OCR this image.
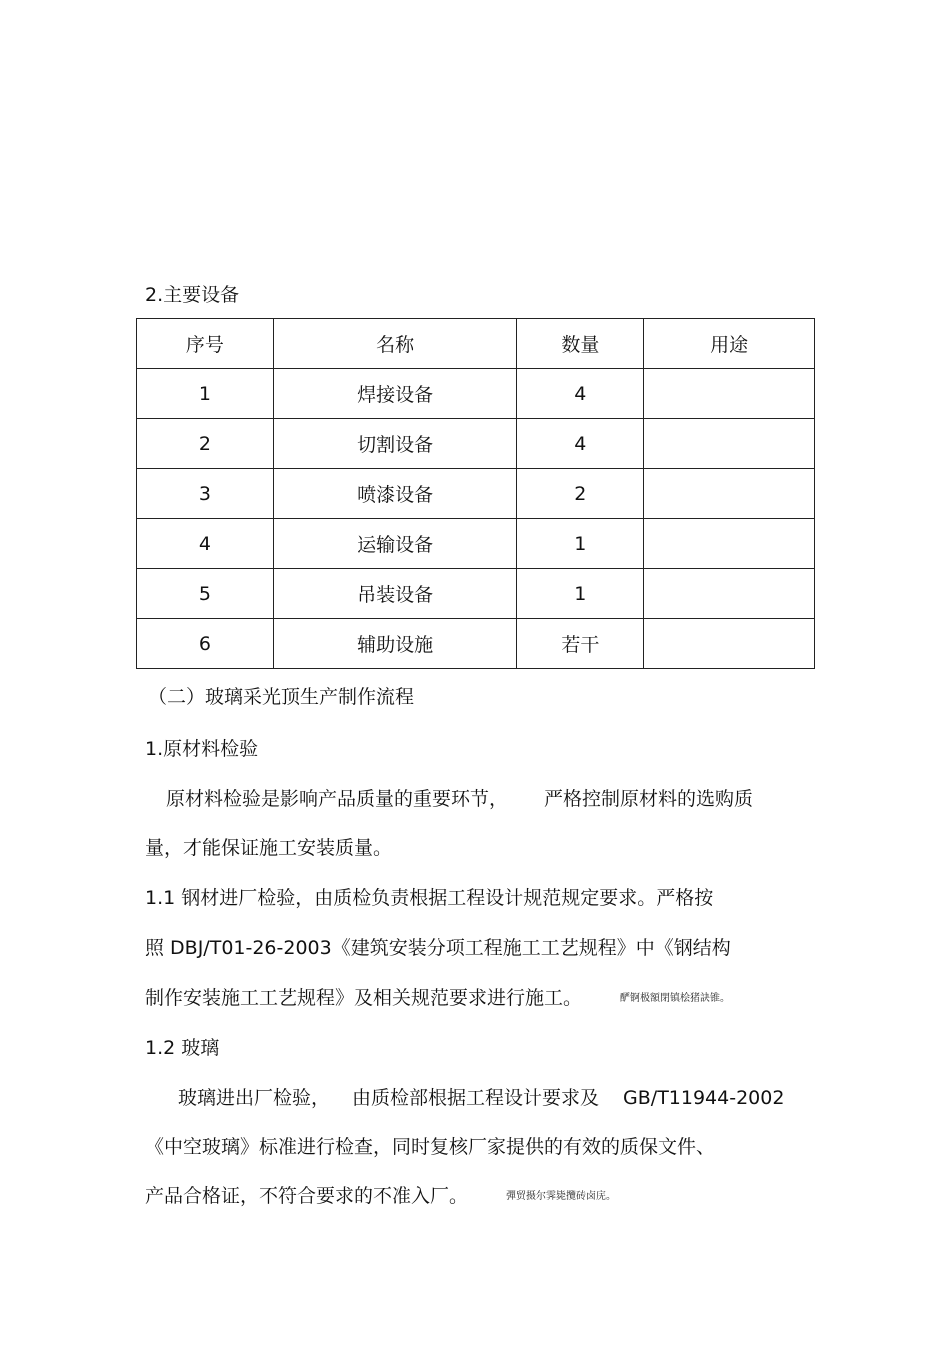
2.主要设备
序号	名称	数量	用途
1	焊接设备	4	
2	切割设备	4	
3	喷漆设备	2	
4	运输设备	1	
5	吊装设备	1	
6	辅助设施	若干	
（二）玻璃采光顶生产制作流程
1.原材料检验
原材料检验是影响产品质量的重要环节， 严格控制原材料的选购质
量，才能保证施工安装质量。
1.1 钢材进厂检验，由质检负责根据工程设计规范规定要求。严格按
照 DBJ/T01-26-2003《建筑安装分项工程施工工艺规程》中《钢结构
制作安装施工工艺规程》及相关规范要求进行施工。	酽锕极額閉镇桧猪訣锥。
1.2 玻璃
玻璃进出厂检验， 由质检部根据工程设计要求及 GB/T11944-2002
《中空玻璃》标准进行检查，同时复核厂家提供的有效的质保文件、
产品合格证，不符合要求的不准入厂。	彈贸摄尔霁毙攬砖卤庑。
